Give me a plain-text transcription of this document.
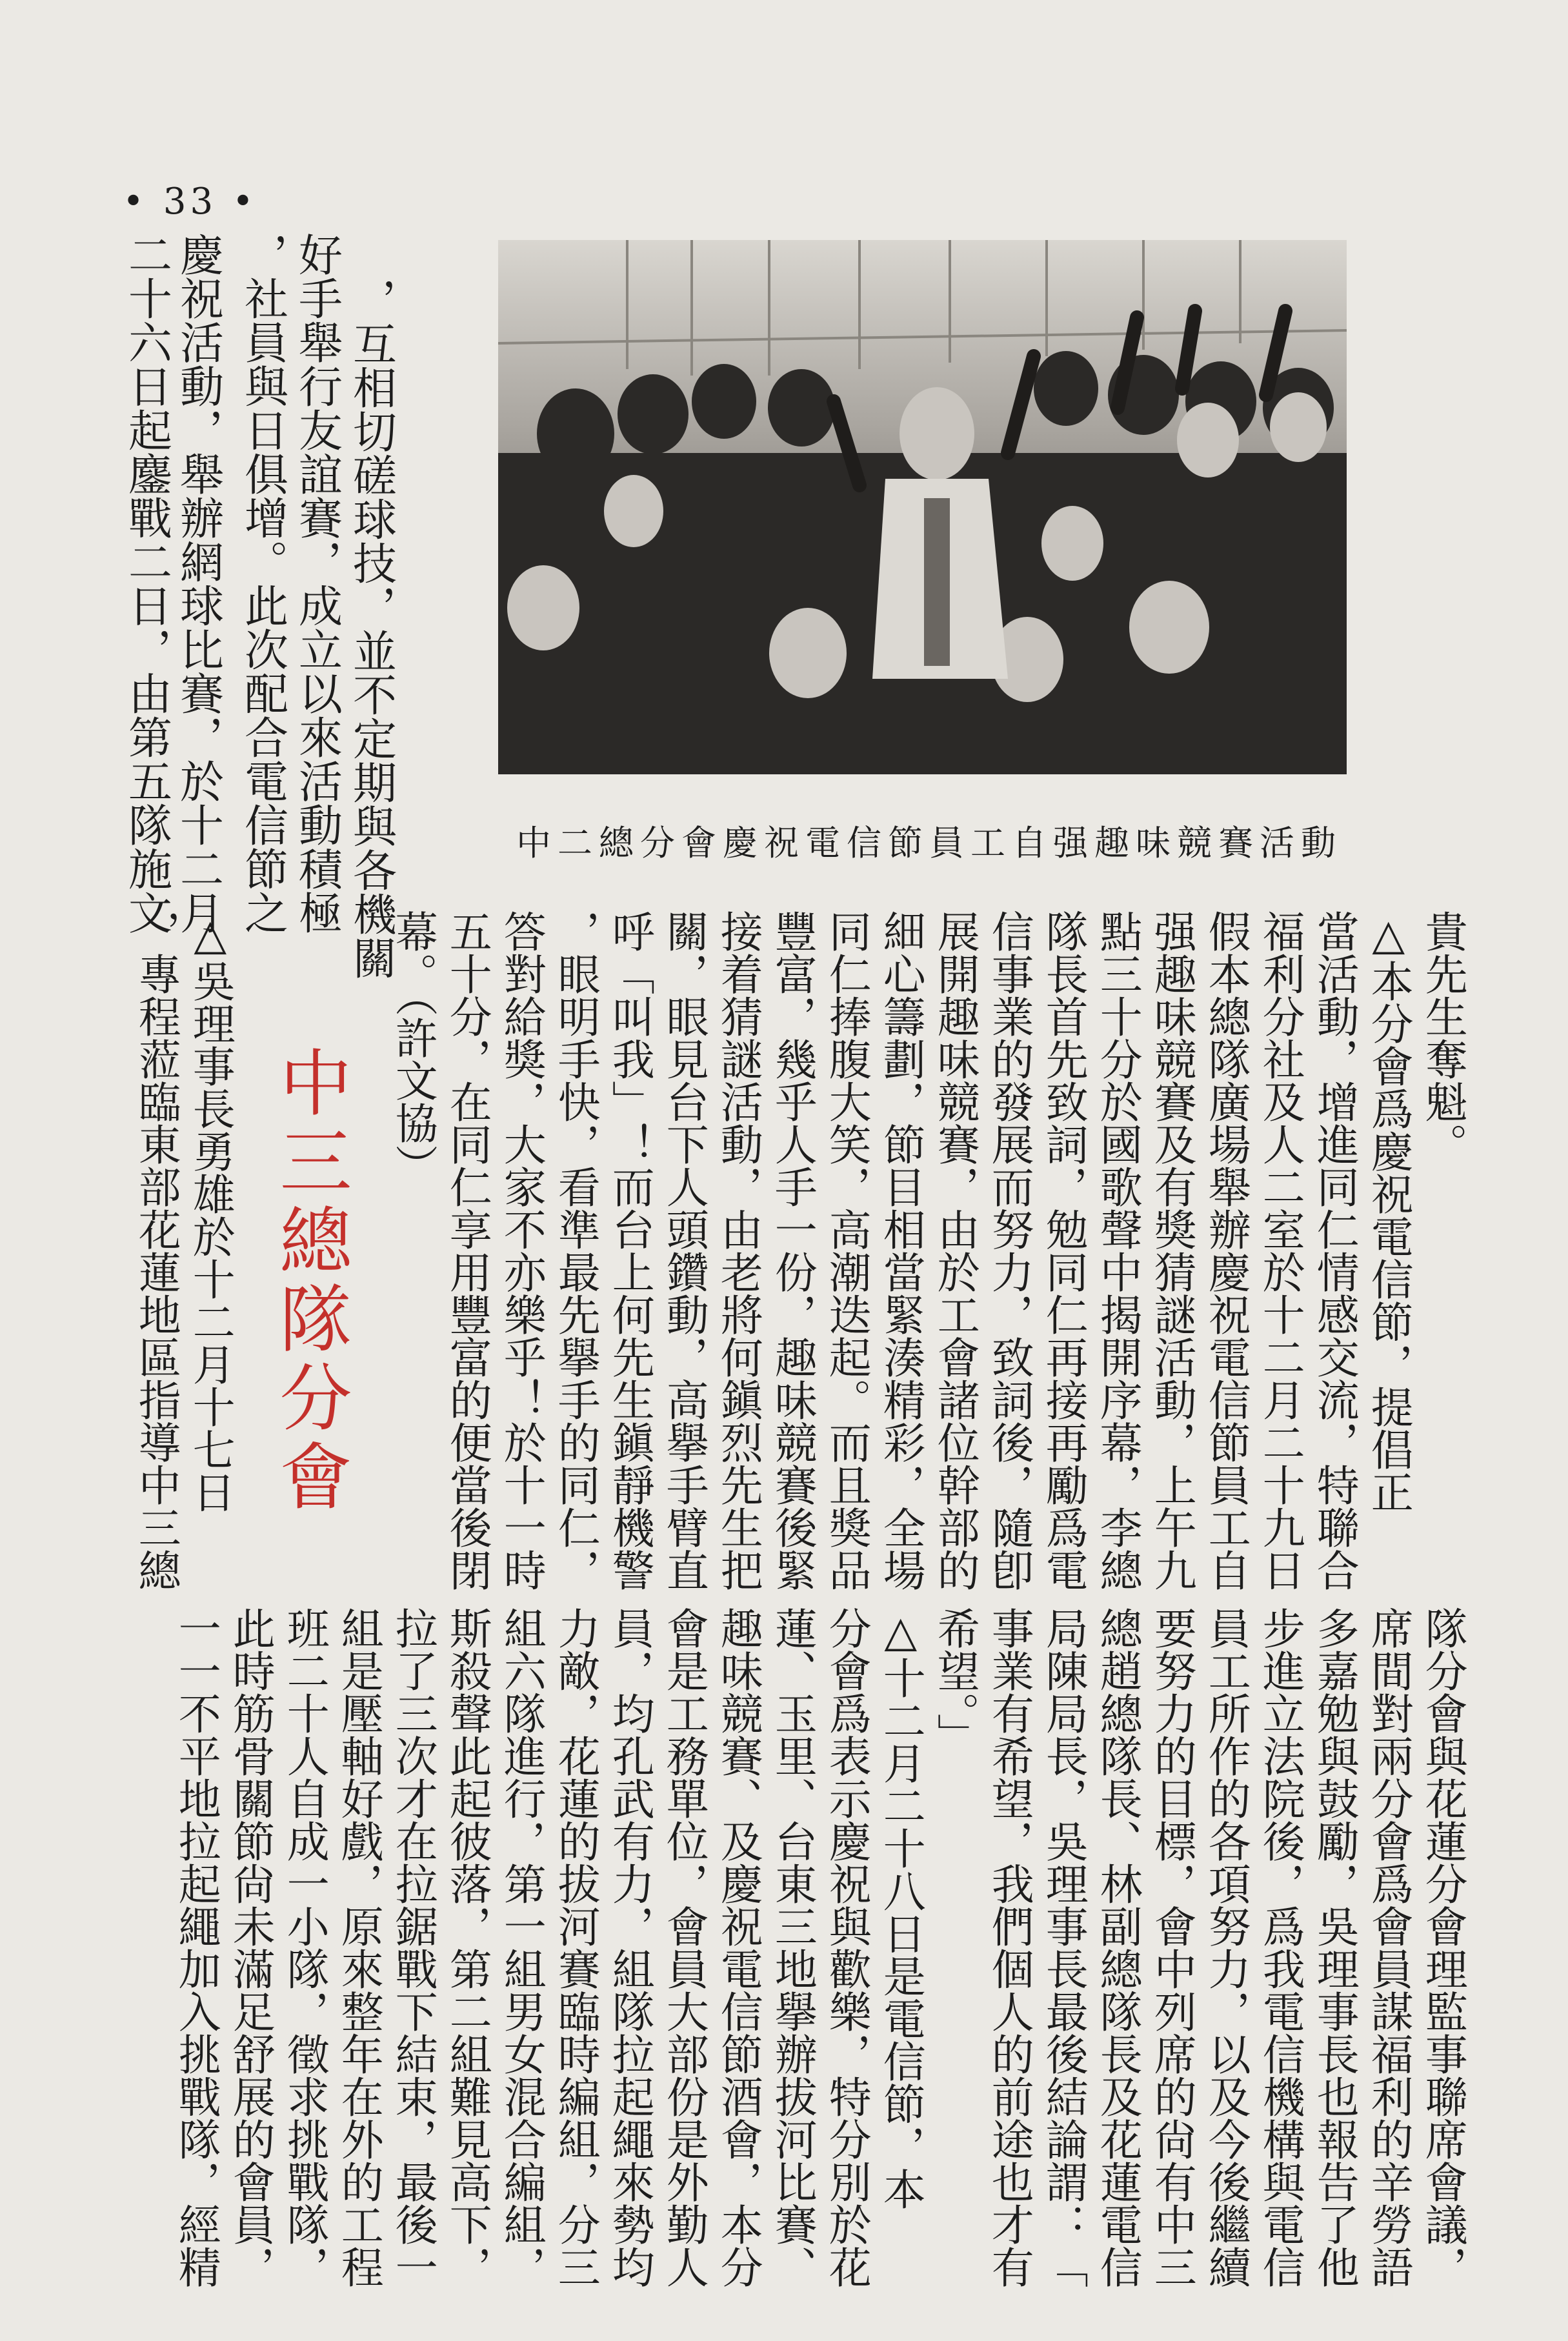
• 33 •
慶祝活動，舉辦網球比賽，於十二月
二十六日起鏖戰二日，由第五隊施文	，互相切磋球技，並不定期與各機關
好手舉行友誼賽，成立以來活動積極
，社員與日俱增。此次配合電信節之	中二總分會慶祝電信節員工自强趣味競賽活動
貴先生奪魁。
△本分會爲慶祝電信節，提倡正
當活動，增進同仁情感交流，特聯合
福利分社及人二室於十二月二十九日
假本總隊廣場舉辦慶祝電信節員工自
强趣味競賽及有獎猜謎活動，上午九
點三十分於國歌聲中揭開序幕，李總
隊長首先致詞，勉同仁再接再勵爲電
信事業的發展而努力，致詞後，隨卽
展開趣味競賽，由於工會諸位幹部的
細心籌劃，節目相當緊湊精彩，全場
同仁捧腹大笑，高潮迭起。而且獎品
豐富，幾乎人手一份，趣味競賽後緊
接着猜謎活動，由老將何鎭烈先生把
關，眼見台下人頭鑽動，高擧手臂直
呼「叫我」！而台上何先生鎭靜機警
，眼明手快，看準最先擧手的同仁，
答對給獎，大家不亦樂乎！於十一時
五十分，在同仁享用豐富的便當後閉
幕。（許文協）
中三總隊分會
△吳理事長勇雄於十二月十七日
，專程蒞臨東部花蓮地區指導中三總
隊分會與花蓮分會理監事聯席會議，
席間對兩分會爲會員謀福利的辛勞語
多嘉勉與鼓勵，吳理事長也報告了他
步進立法院後，爲我電信機構與電信
員工所作的各項努力，以及今後繼續
要努力的目標，會中列席的尙有中三
總趙總隊長、林副總隊長及花蓮電信
局陳局長，吳理事長最後結論謂：「
事業有希望，我們個人的前途也才有
希望。」
△十二月二十八日是電信節，本
分會爲表示慶祝與歡樂，特分別於花
蓮、玉里、台東三地擧辦拔河比賽、
趣味競賽、及慶祝電信節酒會，本分
會是工務單位，會員大部份是外勤人
員，均孔武有力，組隊拉起繩來勢均
力敵，花蓮的拔河賽臨時編組，分三
組六隊進行，第一組男女混合編組，
斯殺聲此起彼落，第二組難見高下，
拉了三次才在拉鋸戰下結束，最後一
組是壓軸好戲，原來整年在外的工程
班二十人自成一小隊，徵求挑戰隊，
此時筋骨關節尙未滿足舒展的會員，
一一不平地拉起繩加入挑戰隊，經精
